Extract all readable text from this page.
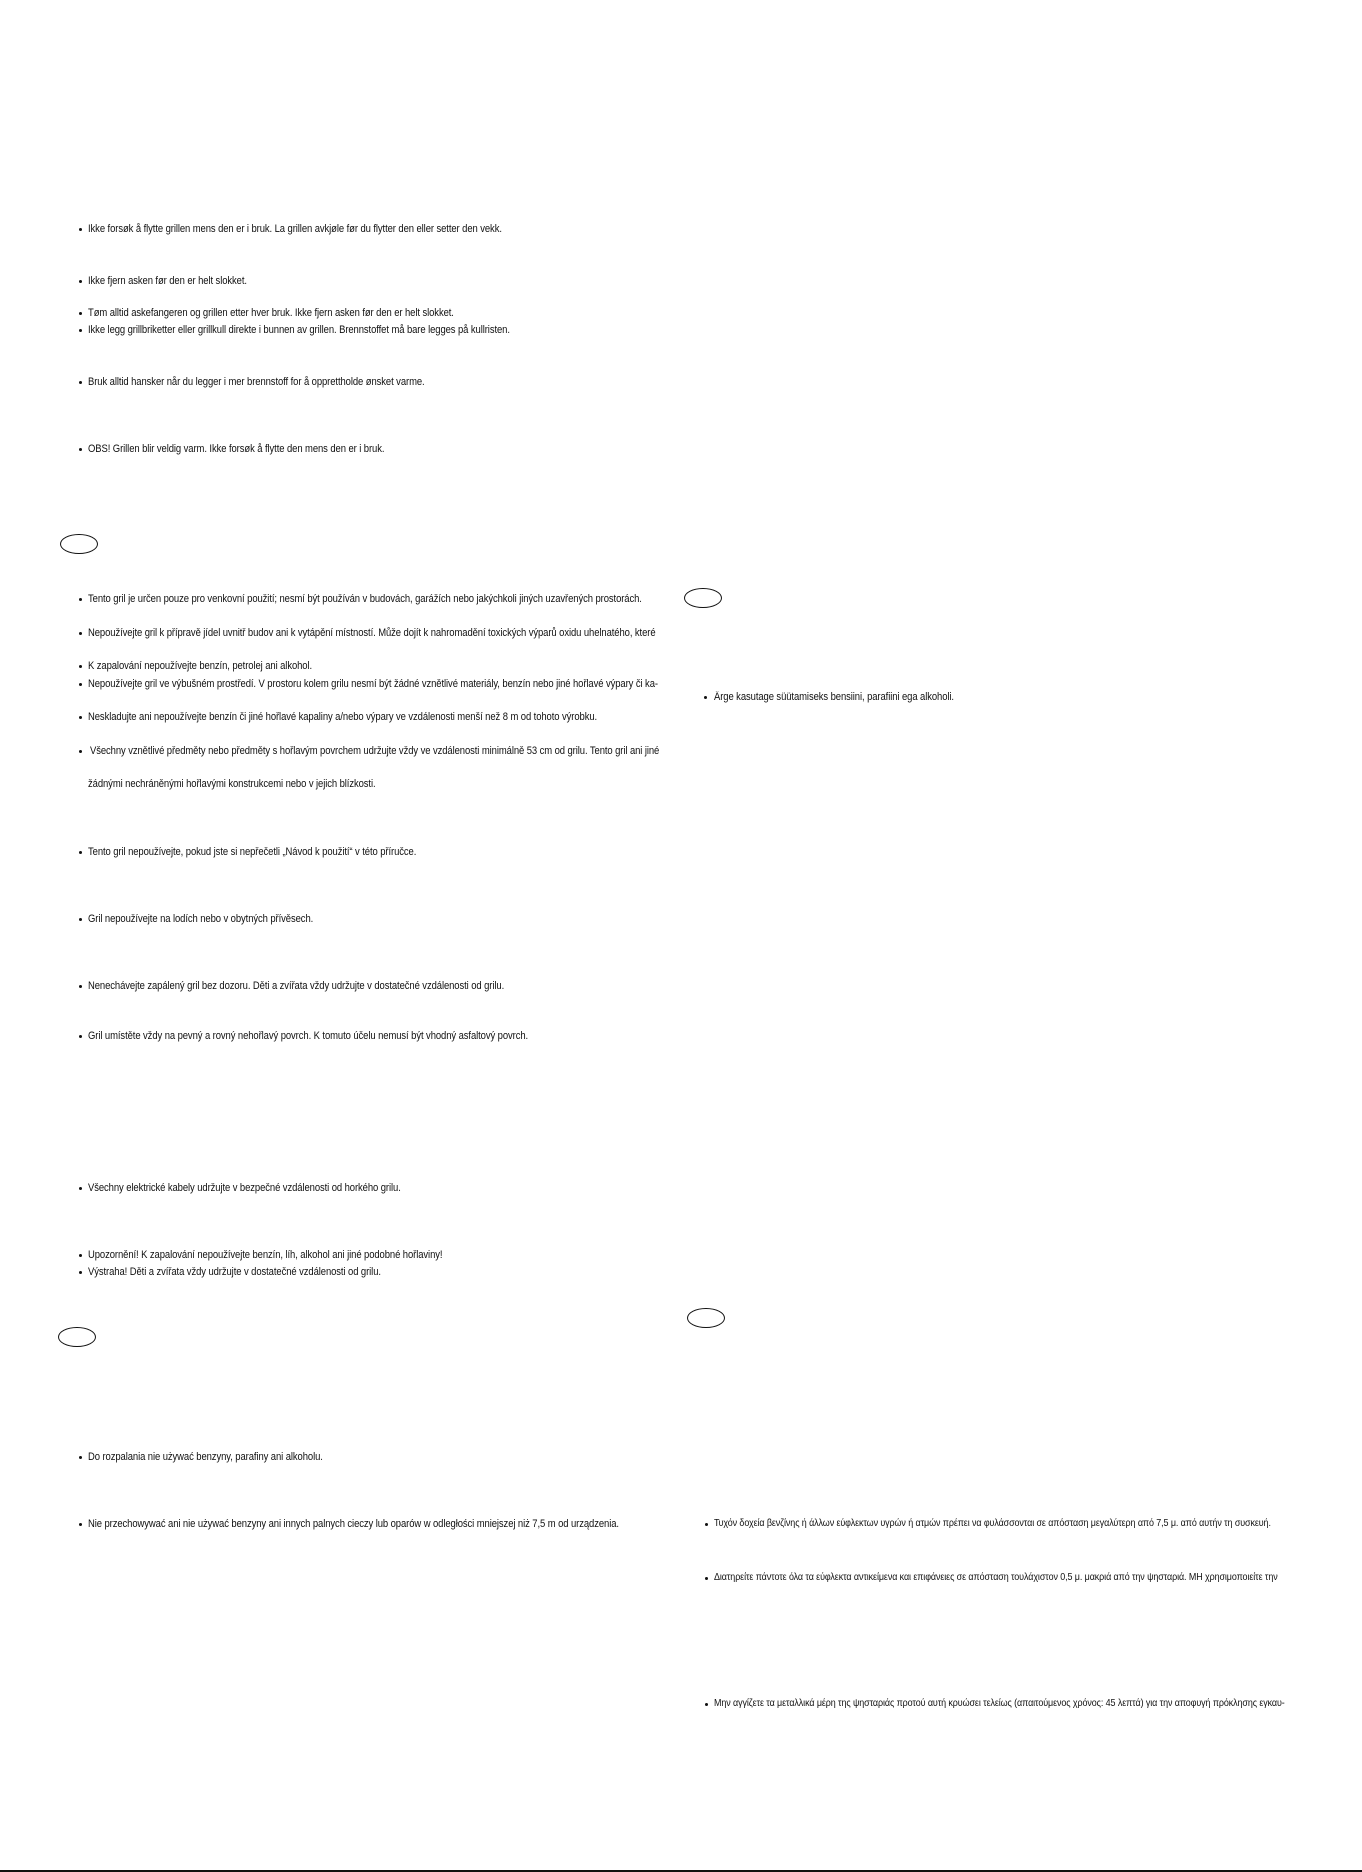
Ikke forsøk å flytte grillen mens den er i bruk. La grillen avkjøle før du flytter den eller setter den vekk.
Ikke fjern asken før den er helt slokket.
Tøm alltid askefangeren og grillen etter hver bruk. Ikke fjern asken før den er helt slokket.
Ikke legg grillbriketter eller grillkull direkte i bunnen av grillen. Brennstoffet må bare legges på kullristen.
Bruk alltid hansker når du legger i mer brennstoff for å opprettholde ønsket varme.
OBS! Grillen blir veldig varm. Ikke forsøk å flytte den mens den er i bruk.
Tento gril je určen pouze pro venkovní použití; nesmí být používán v budovách, garážích nebo jakýchkoli jiných uzavřených prostorách.
Nepoužívejte gril k přípravě jídel uvnitř budov ani k vytápění místností. Může dojít k nahromadění toxických výparů oxidu uhelnatého, které
K zapalování nepoužívejte benzín, petrolej ani alkohol.
Nepoužívejte gril ve výbušném prostředí. V prostoru kolem grilu nesmí být žádné vznětlivé materiály, benzín nebo jiné hořlavé výpary či ka-
Neskladujte ani nepoužívejte benzín či jiné hořlavé kapaliny a/nebo výpary ve vzdálenosti menší než 8 m od tohoto výrobku.
Všechny vznětlivé předměty nebo předměty s hořlavým povrchem udržujte vždy ve vzdálenosti minimálně 53 cm od grilu. Tento gril ani jiné
žádnými nechráněnými hořlavými konstrukcemi nebo v jejich blízkosti.
Tento gril nepoužívejte, pokud jste si nepřečetli „Návod k použití“ v této příručce.
Gril nepoužívejte na lodích nebo v obytných přívěsech.
Nenechávejte zapálený gril bez dozoru. Děti a zvířata vždy udržujte v dostatečné vzdálenosti od grilu.
Gril umístěte vždy na pevný a rovný nehořlavý povrch. K tomuto účelu nemusí být vhodný asfaltový povrch.
Všechny elektrické kabely udržujte v bezpečné vzdálenosti od horkého grilu.
Upozornění! K zapalování nepoužívejte benzín, líh, alkohol ani jiné podobné hořlaviny!
Výstraha! Děti a zvířata vždy udržujte v dostatečné vzdálenosti od grilu.
Do rozpalania nie używać benzyny, parafiny ani alkoholu.
Nie przechowywać ani nie używać benzyny ani innych palnych cieczy lub oparów w odległości mniejszej niż 7,5 m od urządzenia.
Ärge kasutage süütamiseks bensiini, parafiini ega alkoholi.
Τυχόν δοχεία βενζίνης ή άλλων εύφλεκτων υγρών ή ατμών πρέπει να φυλάσσονται σε απόσταση μεγαλύτερη από 7,5 μ. από αυτήν τη συσκευή.
Διατηρείτε πάντοτε όλα τα εύφλεκτα αντικείμενα και επιφάνειες σε απόσταση τουλάχιστον 0,5 μ. μακριά από την ψησταριά. ΜΗ χρησιμοποιείτε την
Μην αγγίζετε τα μεταλλικά μέρη της ψησταριάς προτού αυτή κρυώσει τελείως (απαιτούμενος χρόνος: 45 λεπτά) για την αποφυγή πρόκλησης εγκαυ-
